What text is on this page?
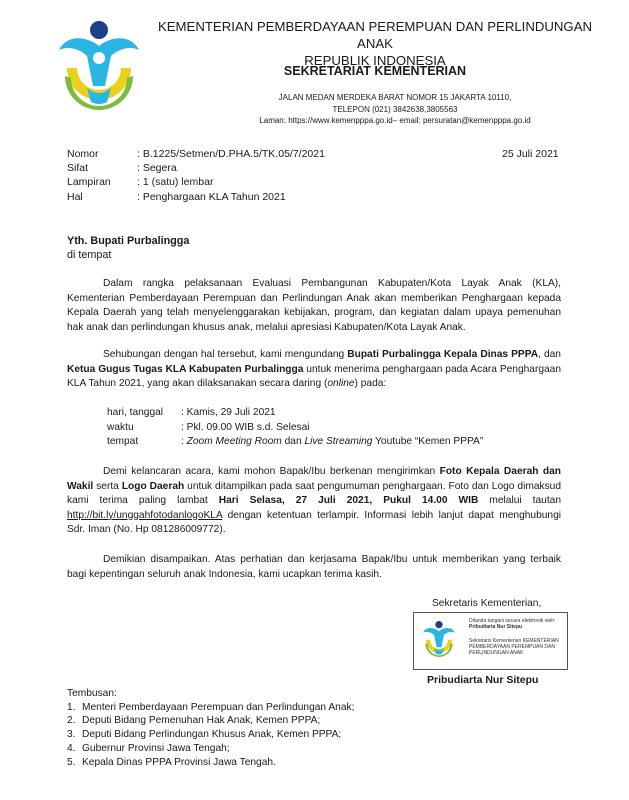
KEMENTERIAN PEMBERDAYAAN PEREMPUAN DAN PERLINDUNGAN ANAK
REPUBLIK INDONESIA
SEKRETARIAT KEMENTERIAN
JALAN MEDAN MERDEKA BARAT NOMOR 15 JAKARTA 10110,
TELEPON (021) 3842638,3805563
Laman: https://www.kemenpppa.go.id– email: persuratan@kemenpppa.go.id
Nomor	: B.1225/Setmen/D.PHA.5/TK.05/7/2021
Sifat	: Segera
Lampiran : 1 (satu) lembar
Hal	: Penghargaan KLA Tahun 2021
25 Juli 2021
Yth. Bupati Purbalingga
di tempat
Dalam rangka pelaksanaan Evaluasi Pembangunan Kabupaten/Kota Layak Anak (KLA), Kementerian Pemberdayaan Perempuan dan Perlindungan Anak akan memberikan Penghargaan kepada Kepala Daerah yang telah menyelenggarakan kebijakan, program, dan kegiatan dalam upaya pemenuhan hak anak dan perlindungan khusus anak, melalui apresiasi Kabupaten/Kota Layak Anak.
Sehubungan dengan hal tersebut, kami mengundang Bupati Purbalingga Kepala Dinas PPPA, dan Ketua Gugus Tugas KLA Kabupaten Purbalingga untuk menerima penghargaan pada Acara Penghargaan KLA Tahun 2021, yang akan dilaksanakan secara daring (online) pada:
hari, tanggal : Kamis, 29 Juli 2021
waktu	: Pkl. 09.00 WIB s.d. Selesai
tempat	: Zoom Meeting Room dan Live Streaming Youtube “Kemen PPPA”
Demi kelancaran acara, kami mohon Bapak/Ibu berkenan mengirimkan Foto Kepala Daerah dan Wakil serta Logo Daerah untuk ditampilkan pada saat pengumuman penghargaan. Foto dan Logo dimaksud kami terima paling lambat Hari Selasa, 27 Juli 2021, Pukul 14.00 WIB melalui tautan http://bit.ly/unggahfotodanlogoKLA dengan ketentuan terlampir. Informasi lebih lanjut dapat menghubungi Sdr. Iman (No. Hp 081286009772).
Demikian disampaikan. Atas perhatian dan kerjasama Bapak/Ibu untuk memberikan yang terbaik bagi kepentingan seluruh anak Indonesia, kami ucapkan terima kasih.
Sekretaris Kementerian,
Ditanda tangani secara elektronik oleh:
Pribudiarta Nur Sitepu
Sekretaris Kementerian KEMENTERIAN PEMBERDAYAAN PEREMPUAN DAN PERLINDUNGAN ANAK
Pribudiarta Nur Sitepu
Tembusan:
1. Menteri Pemberdayaan Perempuan dan Perlindungan Anak;
2. Deputi Bidang Pemenuhan Hak Anak, Kemen PPPA;
3. Deputi Bidang Perlindungan Khusus Anak, Kemen PPPA;
4. Gubernur Provinsi Jawa Tengah;
5. Kepala Dinas PPPA Provinsi Jawa Tengah.
